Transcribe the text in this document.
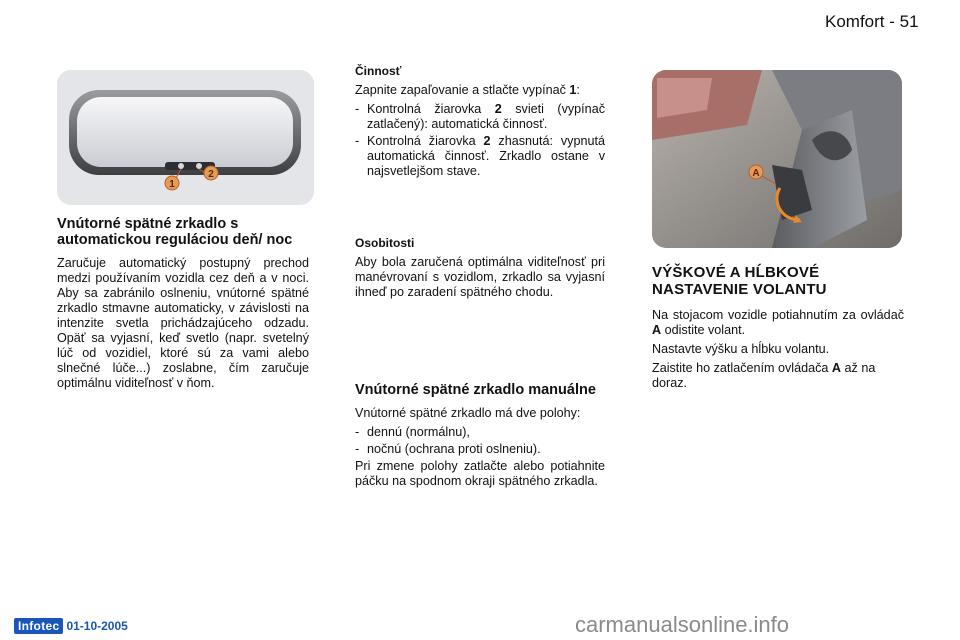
Komfort - 51
1
2
Vnútorné spätné zrkadlo s automatickou reguláciou deň/ noc

Zaručuje automatický postupný prechod medzi používaním vozidla cez deň a v noci. Aby sa zabránilo oslneniu, vnútorné spätné zrkadlo stmavne automaticky, v závislosti na intenzite svetla prichádzajúceho odzadu. Opäť sa vyjasní, keď svetlo (napr. svetelný lúč od vozidiel, ktoré sú za vami alebo slnečné lúče...) zoslabne, čím zaručuje optimálnu viditeľnosť v ňom.

Činnosť

Zapnite zapaľovanie a stlačte vypínač 1:

- Kontrolná žiarovka 2 svieti (vypínač zatlačený): automatická činnosť.
- Kontrolná žiarovka 2 zhasnutá: vypnutá automatická činnosť. Zrkadlo ostane v najsvetlejšom stave.
Osobitosti

Aby bola zaručená optimálna viditeľnosť pri manévrovaní s vozidlom, zrkadlo sa vyjasní ihneď po zaradení spätného chodu.

Vnútorné spätné zrkadlo manuálne

Vnútorné spätné zrkadlo má dve polohy:

- dennú (normálnu),
- nočnú (ochrana proti oslneniu).

Pri zmene polohy zatlačte alebo potiahnite páčku na spodnom okraji spätného zrkadla.

A
VÝŠKOVÉ A HĹBKOVÉ NASTAVENIE VOLANTU

Na stojacom vozidle potiahnutím za ovládač A odistite volant.

Nastavte výšku a hĺbku volantu.

Zaistite ho zatlačením ovládača A až na doraz.

Infotec 01-10-2005	carmanualsonline.info
